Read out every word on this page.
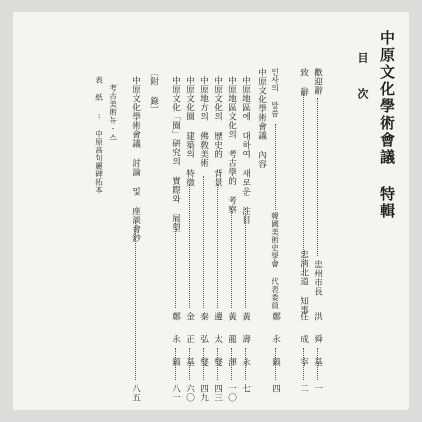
中原文化學術會議 特輯
目 次
歡迎辭
忠州市長
洪 舜 基
一
致 辭
忠淸北道 知事
任 成 宰
二
인사의 말씀
韓國美術史學會 代表委員
鄭 永 鎬
四
中原文化學術會議 內容
中原地區에 대하여 새로운 注目
黃 壽 永
七
中原地區文化의 考古學的 考察
黃 龍 渾
一〇
中原文化의 歷史的 背景
邊 太 燮
四三
中原地方의 佛敎美術
秦 弘 燮
四九
中原文化圈 建築의 特徵
金 正 基
六〇
中原文化「圈」硏究의 實際와 展望
鄭 永 鎬
八一
〔附 錄〕
中原文化學術會議 討論 및 座談會鈔
八五
考古美術뉴-스
表 紙 : 中原高句麗碑拓本
